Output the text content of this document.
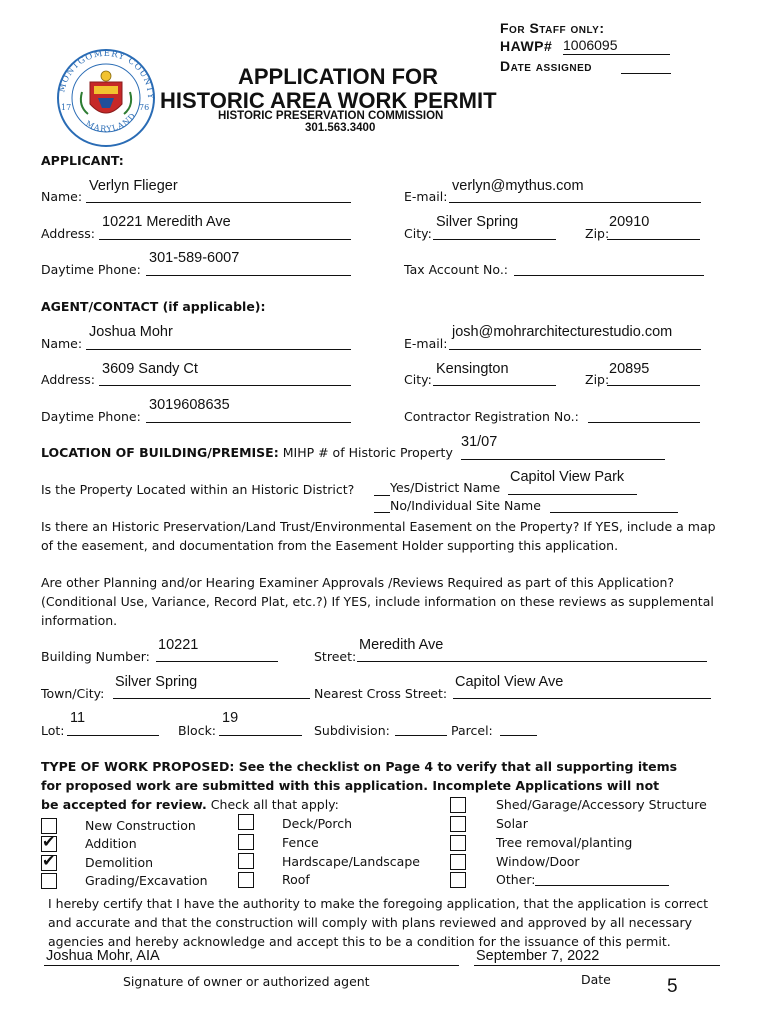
For Staff only:
HAWP# 1006095
Date assigned
MONTGOMERY COUNTY
MARYLAND
17	76
APPLICATION FOR
HISTORIC AREA WORK PERMIT
HISTORIC PRESERVATION COMMISSION
301.563.3400
APPLICANT:
Name:
Verlyn Flieger
E-mail:
verlyn@mythus.com
Address:
10221 Meredith Ave
City:
Silver Spring
Zip:
20910
Daytime Phone:
301-589-6007
Tax Account No.:
AGENT/CONTACT (if applicable):
Name:
Joshua Mohr
E-mail:
josh@mohrarchitecturestudio.com
Address:
3609 Sandy Ct
City:
Kensington
Zip:
20895
Daytime Phone:
3019608635
Contractor Registration No.:
LOCATION OF BUILDING/PREMISE: MIHP # of Historic Property
31/07
Is the Property Located within an Historic District?	Yes/District Name
Capitol View Park
No/Individual Site Name
Is there an Historic Preservation/Land Trust/Environmental Easement on the Property? If YES, include a map of the easement, and documentation from the Easement Holder supporting this application.
Are other Planning and/or Hearing Examiner Approvals /Reviews Required as part of this Application? (Conditional Use, Variance, Record Plat, etc.?) If YES, include information on these reviews as supplemental information.
Building Number:
10221
Street:
Meredith Ave
Town/City:
Silver Spring
Nearest Cross Street:
Capitol View Ave
Lot:
11
Block:
19
Subdivision:	Parcel:
TYPE OF WORK PROPOSED: See the checklist on Page 4 to verify that all supporting items
for proposed work are submitted with this application. Incomplete Applications will not
be accepted for review. Check all that apply:
New Construction
✔ Addition
✔ Demolition
Grading/Excavation
Deck/Porch
Fence
Hardscape/Landscape
Roof
Shed/Garage/Accessory Structure
Solar
Tree removal/planting
Window/Door
Other:
I hereby certify that I have the authority to make the foregoing application, that the application is correct and accurate and that the construction will comply with plans reviewed and approved by all necessary agencies and hereby acknowledge and accept this to be a condition for the issuance of this permit.
Joshua Mohr, AIA	September 7, 2022
Signature of owner or authorized agent	Date	5
